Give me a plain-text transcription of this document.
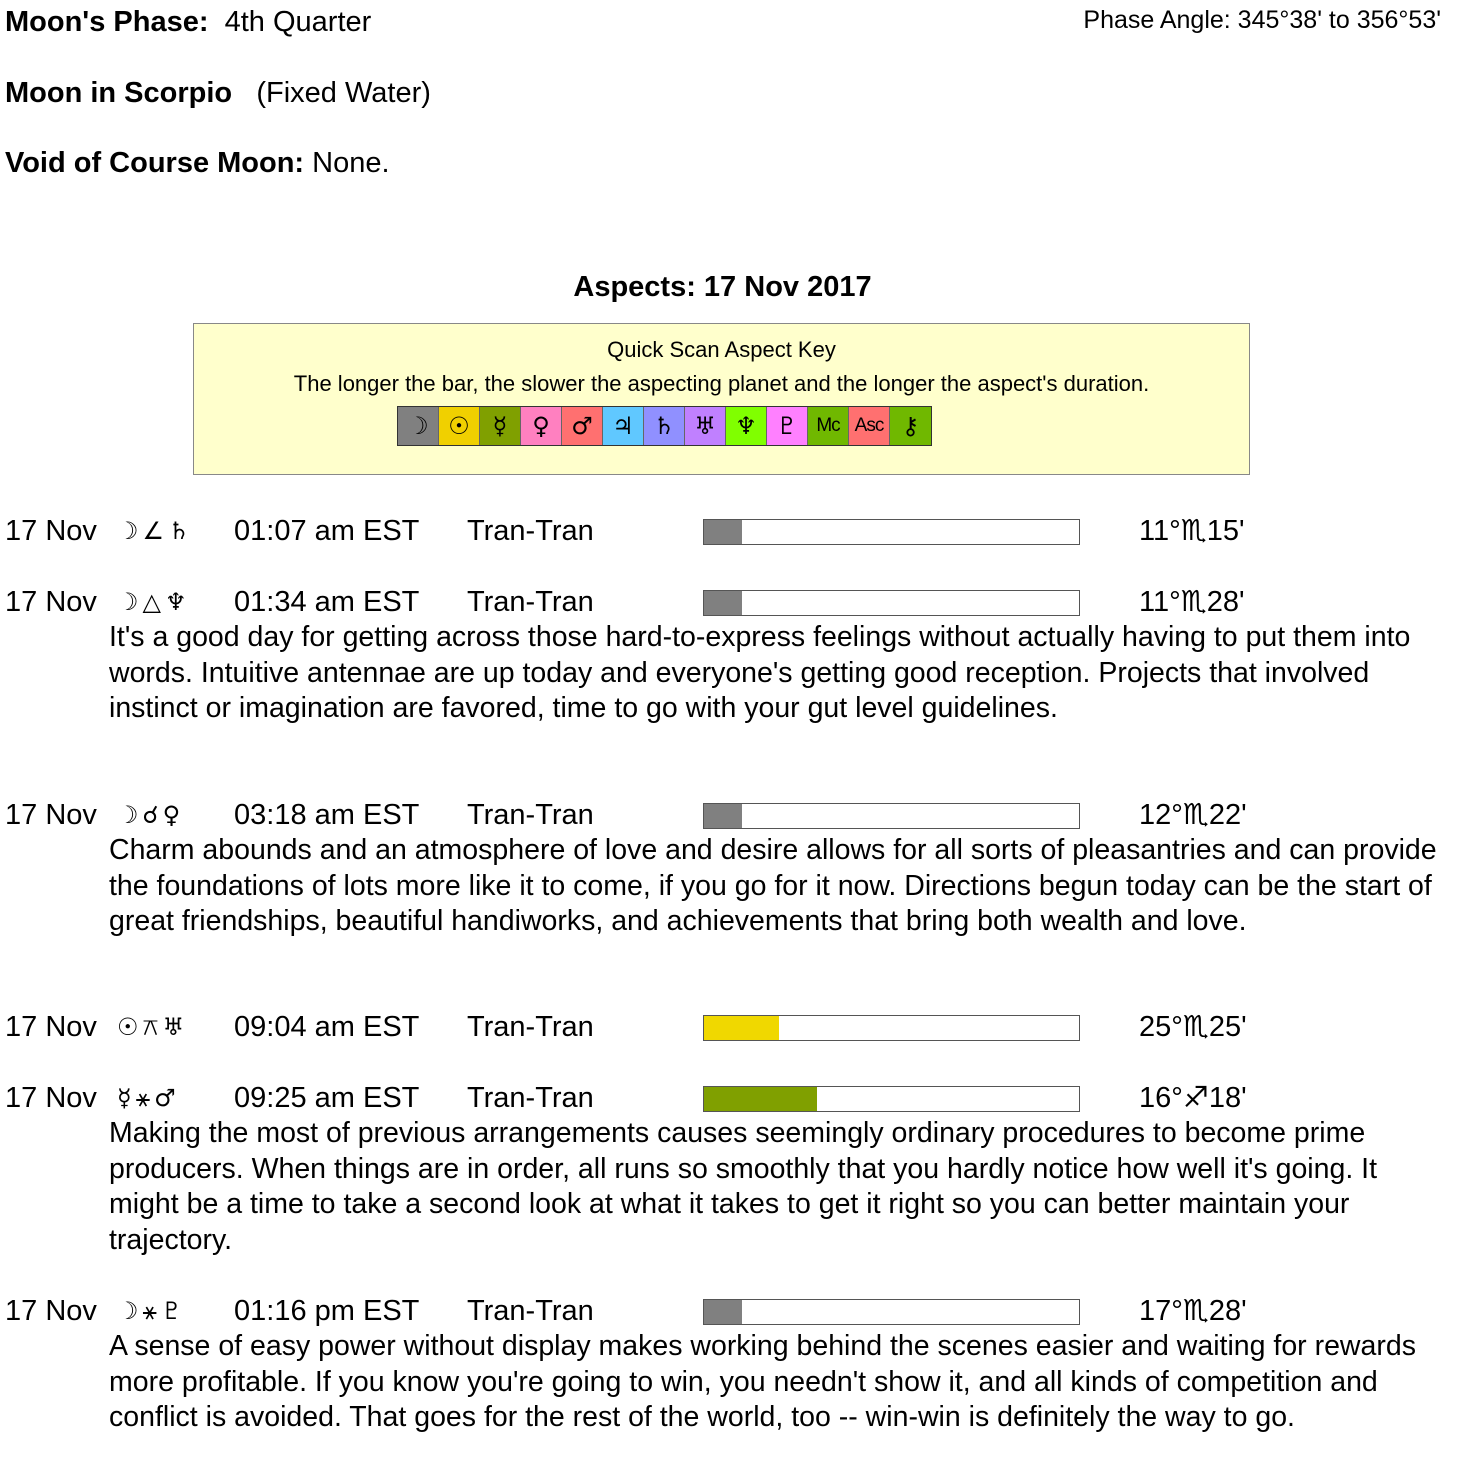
Moon's Phase: 4th Quarter	Phase Angle: 345°38' to 356°53'
Moon in Scorpio (Fixed Water)
Void of Course Moon: None.
Aspects: 17 Nov 2017
Quick Scan Aspect Key
The longer the bar, the slower the aspecting planet and the longer the aspect's duration.
☽ ☉ ☿	♀ ♂ ♃ ♄ ♅ ♆ ♇ Mc Asc ⚷
17 Nov ☽∠♄ 01:07 am EST Tran-Tran	11°♏15'
17 Nov ☽△♆ 01:34 am EST Tran-Tran	11°♏28'
It's a good day for getting across those hard-to-express feelings without actually having to put them into words. Intuitive antennae are up today and everyone's getting good reception. Projects that involved instinct or imagination are favored, time to go with your gut level guidelines.
17 Nov ☽☌♀ 03:18 am EST Tran-Tran	12°♏22'
Charm abounds and an atmosphere of love and desire allows for all sorts of pleasantries and can provide the foundations of lots more like it to come, if you go for it now. Directions begun today can be the start of great friendships, beautiful handiworks, and achievements that bring both wealth and love.
17 Nov ☉⚻♅ 09:04 am EST Tran-Tran	25°♏25'
17 Nov ☿⚹♂ 09:25 am EST Tran-Tran	16°♐18'
Making the most of previous arrangements causes seemingly ordinary procedures to become prime producers. When things are in order, all runs so smoothly that you hardly notice how well it's going. It might be a time to take a second look at what it takes to get it right so you can better maintain your trajectory.
17 Nov ☽⚹♇ 01:16 pm EST Tran-Tran	17°♏28'
A sense of easy power without display makes working behind the scenes easier and waiting for rewards more profitable. If you know you're going to win, you needn't show it, and all kinds of competition and conflict is avoided. That goes for the rest of the world, too -- win-win is definitely the way to go.
